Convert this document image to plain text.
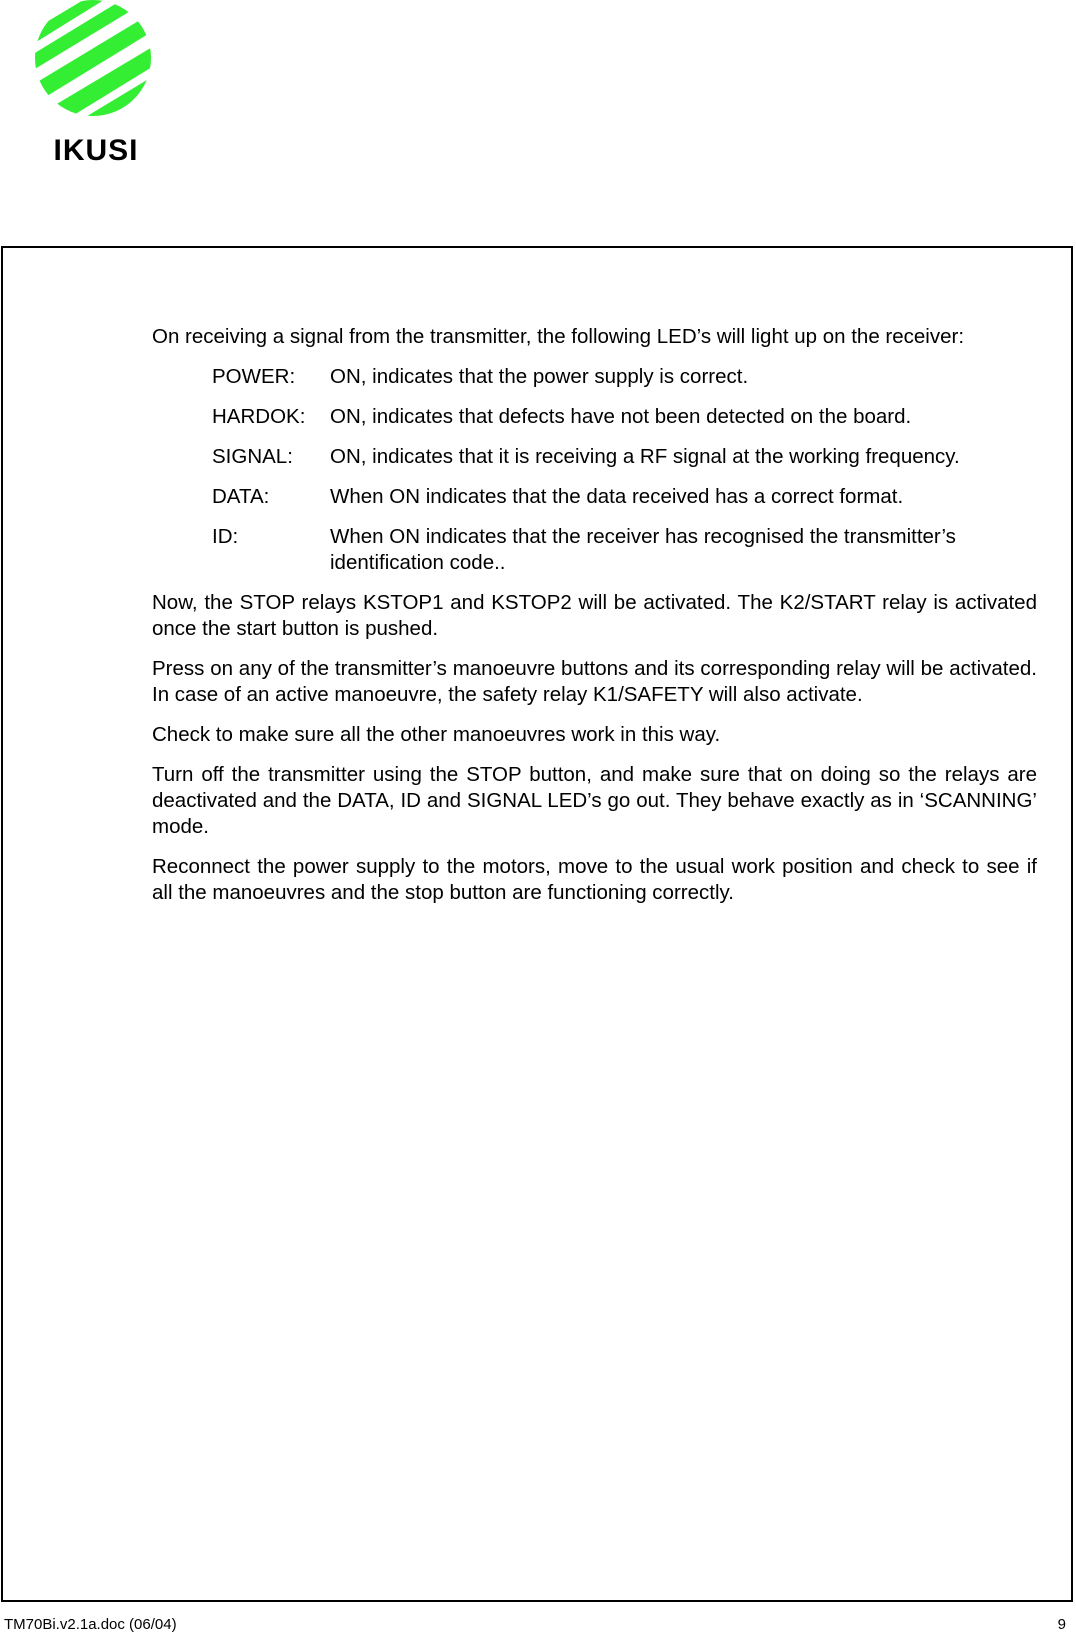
IKUSI

On receiving a signal from the transmitter, the following LED’s will light up on the receiver:

POWER:	ON, indicates that the power supply is correct.
HARDOK:	ON, indicates that defects have not been detected on the board.
SIGNAL:	ON, indicates that it is receiving a RF signal at the working frequency.
DATA:	When ON indicates that the data received has a correct format.
ID:	When ON indicates that the receiver has recognised the transmitter’s identification code..

Now, the STOP relays KSTOP1 and KSTOP2 will be activated. The K2/START relay is activated once the start button is pushed.

Press on any of the transmitter’s manoeuvre buttons and its corresponding relay will be activated. In case of an active manoeuvre, the safety relay K1/SAFETY will also activate.

Check to make sure all the other manoeuvres work in this way.

Turn off the transmitter using the STOP button, and make sure that on doing so the relays are deactivated and the DATA, ID and SIGNAL LED’s go out. They behave exactly as in ‘SCANNING’ mode.

Reconnect the power supply to the motors, move to the usual work position and check to see if all the manoeuvres and the stop button are functioning correctly.

TM70Bi.v2.1a.doc (06/04)	9
